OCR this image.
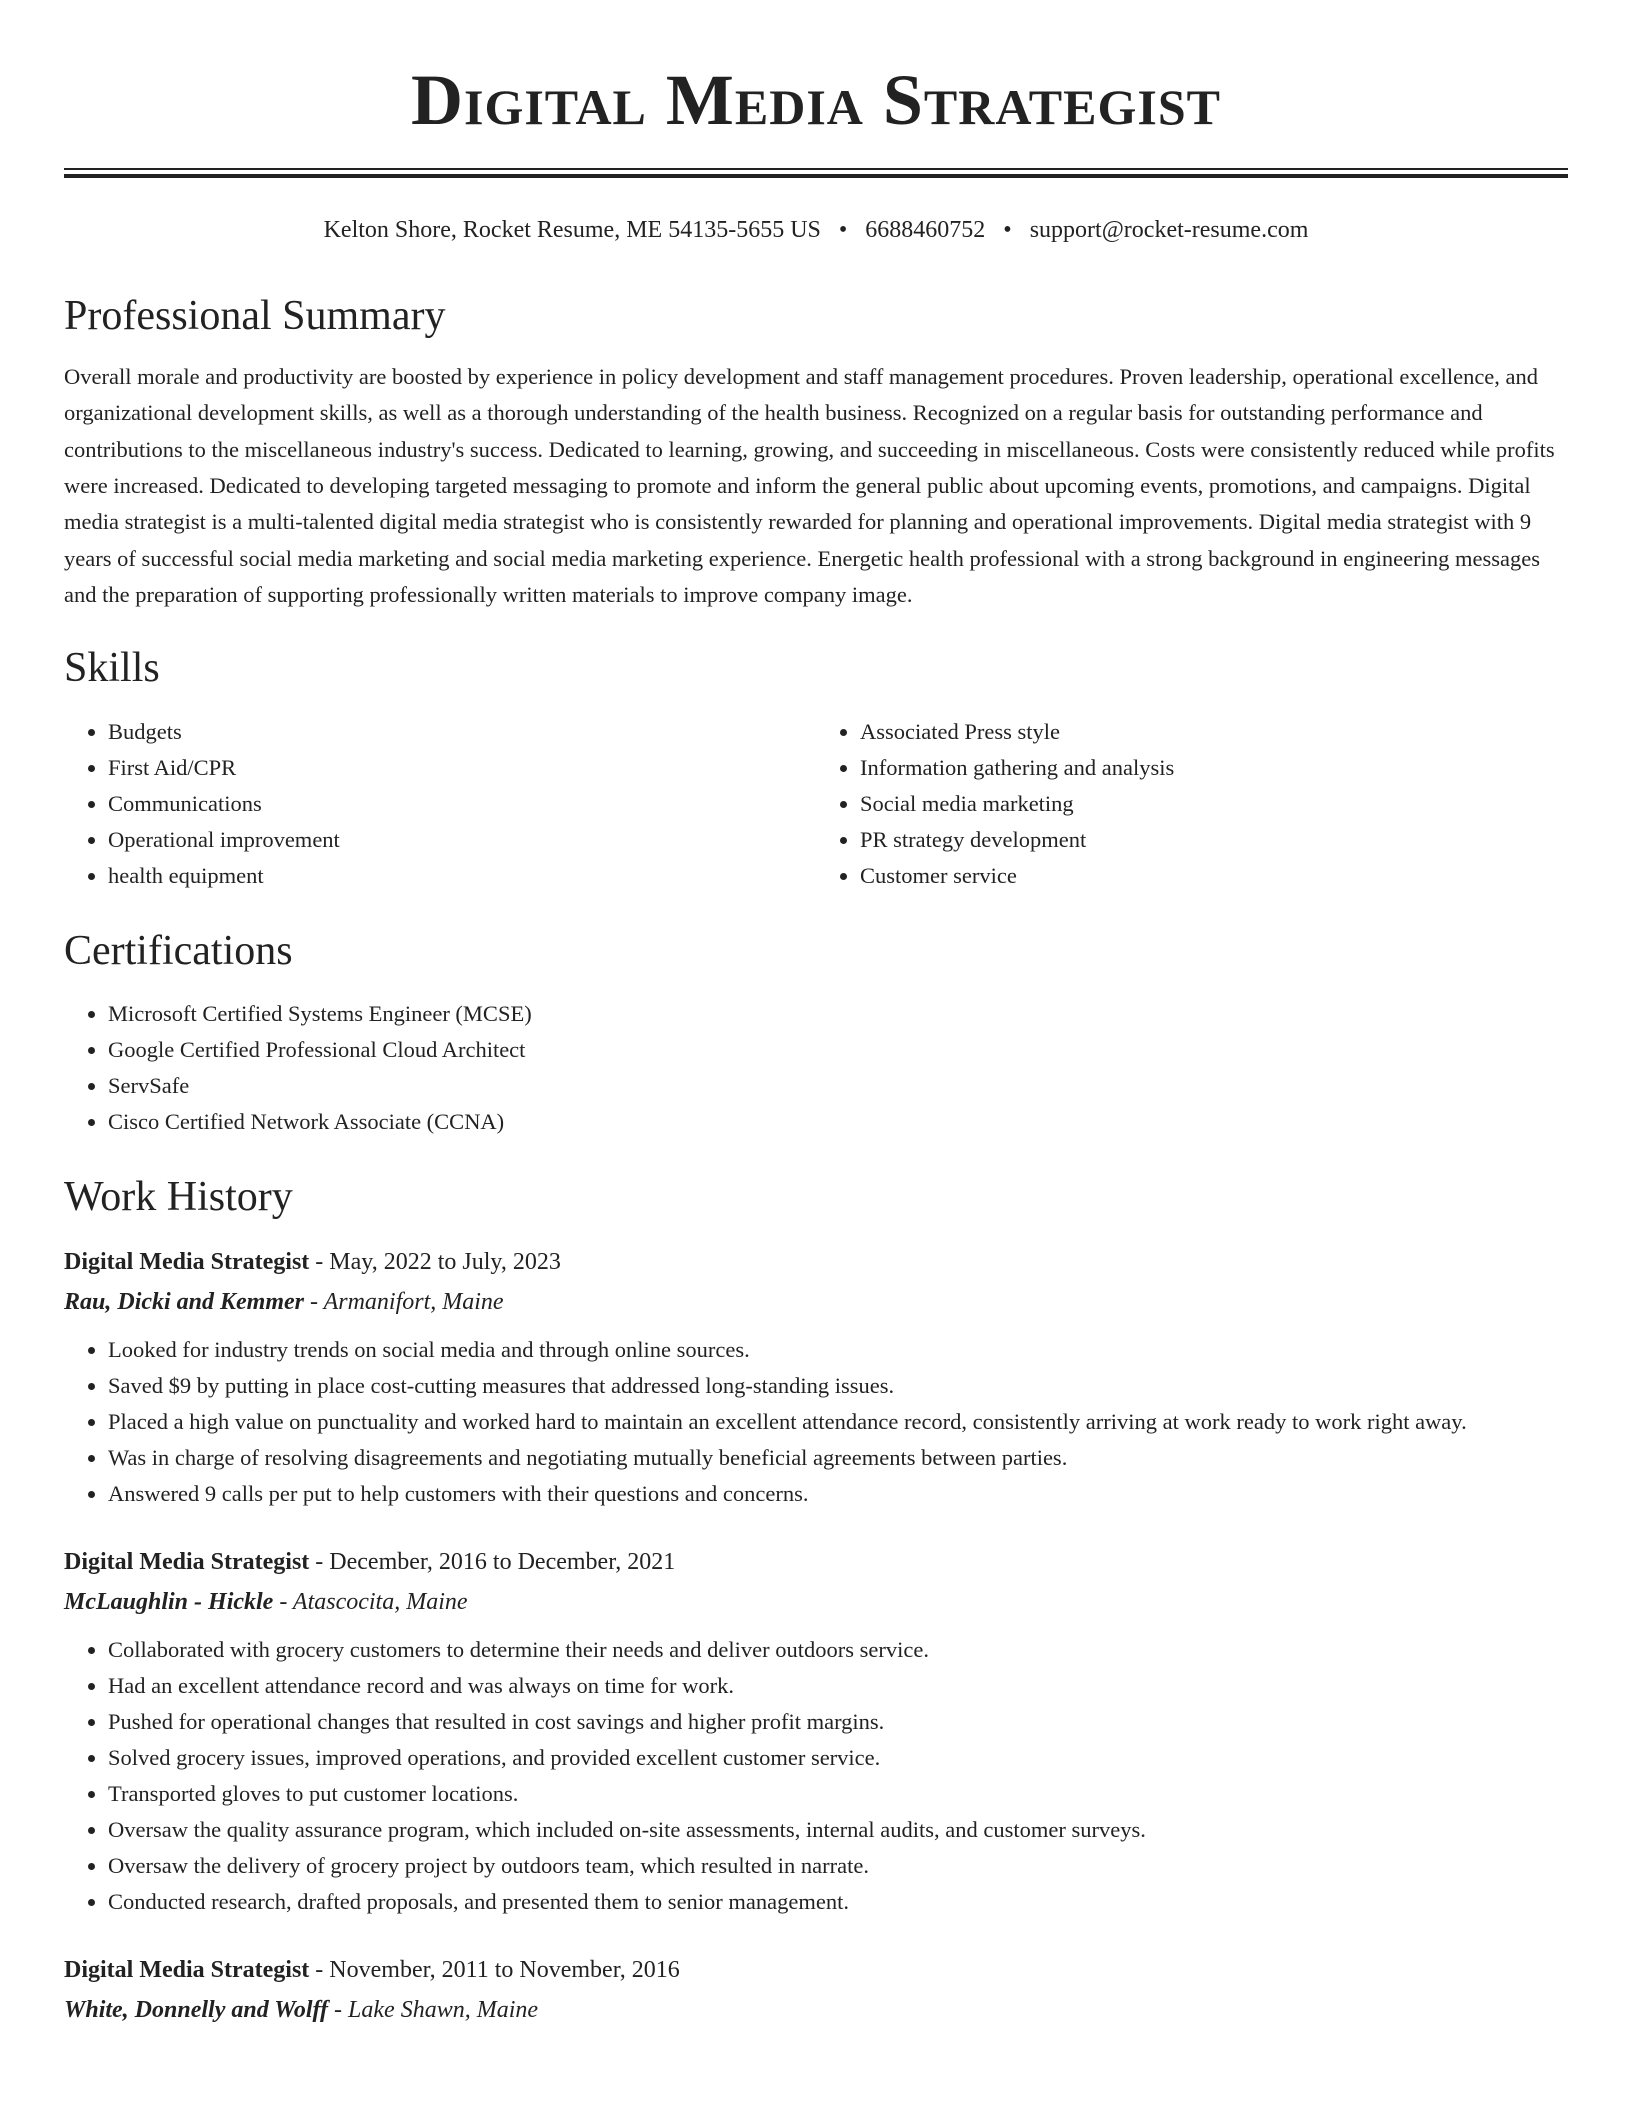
Digital Media Strategist
Kelton Shore, Rocket Resume, ME 54135-5655 US • 6688460752 • support@rocket-resume.com
Professional Summary

Overall morale and productivity are boosted by experience in policy development and staff management procedures. Proven leadership, operational excellence, and organizational development skills, as well as a thorough understanding of the health business. Recognized on a regular basis for outstanding performance and contributions to the miscellaneous industry's success. Dedicated to learning, growing, and succeeding in miscellaneous. Costs were consistently reduced while profits were increased. Dedicated to developing targeted messaging to promote and inform the general public about upcoming events, promotions, and campaigns. Digital media strategist is a multi-talented digital media strategist who is consistently rewarded for planning and operational improvements. Digital media strategist with 9 years of successful social media marketing and social media marketing experience. Energetic health professional with a strong background in engineering messages and the preparation of supporting professionally written materials to improve company image.

Skills
• Budgets
• First Aid/CPR
• Communications
• Operational improvement
• health equipment
• Associated Press style
• Information gathering and analysis
• Social media marketing
• PR strategy development
• Customer service
Certifications
• Microsoft Certified Systems Engineer (MCSE)
• Google Certified Professional Cloud Architect
• ServSafe
• Cisco Certified Network Associate (CCNA)
Work History
Digital Media Strategist - May, 2022 to July, 2023
Rau, Dicki and Kemmer - Armanifort, Maine
• Looked for industry trends on social media and through online sources.
• Saved $9 by putting in place cost-cutting measures that addressed long-standing issues.
• Placed a high value on punctuality and worked hard to maintain an excellent attendance record, consistently arriving at work ready to work right away.
• Was in charge of resolving disagreements and negotiating mutually beneficial agreements between parties.
• Answered 9 calls per put to help customers with their questions and concerns.
Digital Media Strategist - December, 2016 to December, 2021
McLaughlin - Hickle - Atascocita, Maine
• Collaborated with grocery customers to determine their needs and deliver outdoors service.
• Had an excellent attendance record and was always on time for work.
• Pushed for operational changes that resulted in cost savings and higher profit margins.
• Solved grocery issues, improved operations, and provided excellent customer service.
• Transported gloves to put customer locations.
• Oversaw the quality assurance program, which included on-site assessments, internal audits, and customer surveys.
• Oversaw the delivery of grocery project by outdoors team, which resulted in narrate.
• Conducted research, drafted proposals, and presented them to senior management.
Digital Media Strategist - November, 2011 to November, 2016
White, Donnelly and Wolff - Lake Shawn, Maine
